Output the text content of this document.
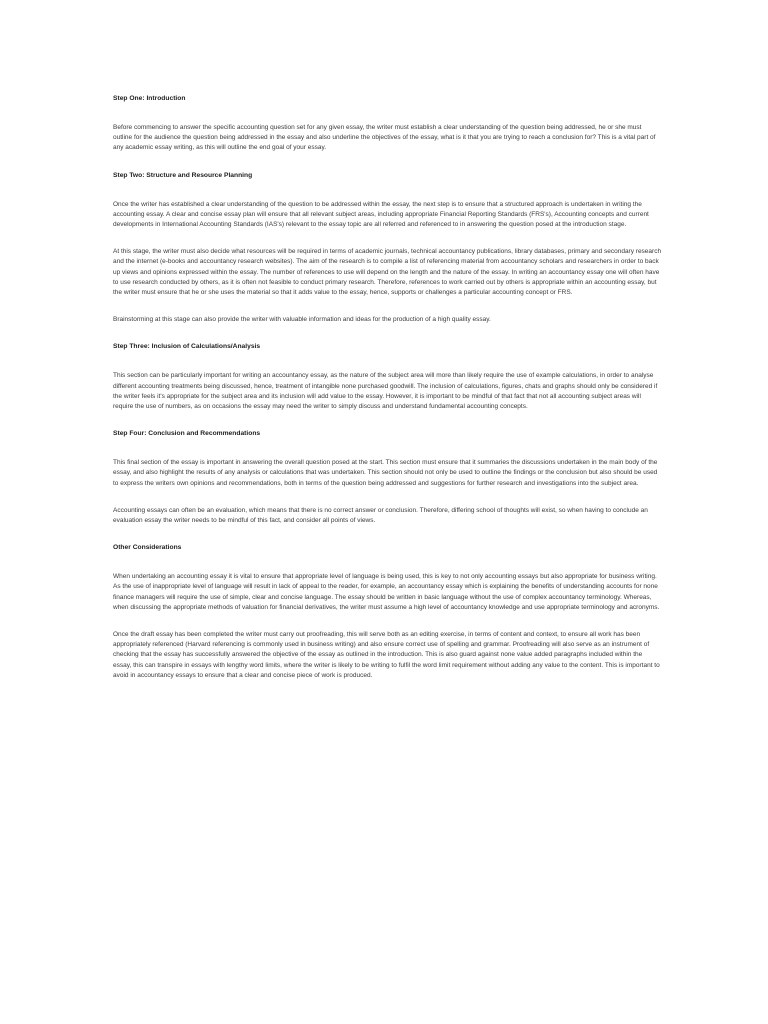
Step One: Introduction

Before commencing to answer the specific accounting question set for any given essay, the writer must establish a clear understanding of the question being addressed, he or she must outline for the audience the question being addressed in the essay and also underline the objectives of the essay, what is it that you are trying to reach a conclusion for? This is a vital part of any academic essay writing, as this will outline the end goal of your essay.

Step Two: Structure and Resource Planning

Once the writer has established a clear understanding of the question to be addressed within the essay, the next step is to ensure that a structured approach is undertaken in writing the accounting essay. A clear and concise essay plan will ensure that all relevant subject areas, including appropriate Financial Reporting Standards (FRS's), Accounting concepts and current developments in International Accounting Standards (IAS's) relevant to the essay topic are all referred and referenced to in answering the question posed at the introduction stage.

At this stage, the writer must also decide what resources will be required in terms of academic journals, technical accountancy publications, library databases, primary and secondary research and the internet (e-books and accountancy research websites). The aim of the research is to compile a list of referencing material from accountancy scholars and researchers in order to back up views and opinions expressed within the essay. The number of references to use will depend on the length and the nature of the essay. In writing an accountancy essay one will often have to use research conducted by others, as it is often not feasible to conduct primary research. Therefore, references to work carried out by others is appropriate within an accounting essay, but the writer must ensure that he or she uses the material so that it adds value to the essay, hence, supports or challenges a particular accounting concept or FRS.

Brainstorming at this stage can also provide the writer with valuable information and ideas for the production of a high quality essay.

Step Three: Inclusion of Calculations/Analysis

This section can be particularly important for writing an accountancy essay, as the nature of the subject area will more than likely require the use of example calculations, in order to analyse different accounting treatments being discussed, hence, treatment of intangible none purchased goodwill. The inclusion of calculations, figures, chats and graphs should only be considered if the writer feels it's appropriate for the subject area and its inclusion will add value to the essay. However, it is important to be mindful of that fact that not all accounting subject areas will require the use of numbers, as on occasions the essay may need the writer to simply discuss and understand fundamental accounting concepts.

Step Four: Conclusion and Recommendations

This final section of the essay is important in answering the overall question posed at the start. This section must ensure that it summaries the discussions undertaken in the main body of the essay, and also highlight the results of any analysis or calculations that was undertaken. This section should not only be used to outline the findings or the conclusion but also should be used to express the writers own opinions and recommendations, both in terms of the question being addressed and suggestions for further research and investigations into the subject area.

Accounting essays can often be an evaluation, which means that there is no correct answer or conclusion. Therefore, differing school of thoughts will exist, so when having to conclude an evaluation essay the writer needs to be mindful of this fact, and consider all points of views.

Other Considerations

When undertaking an accounting essay it is vital to ensure that appropriate level of language is being used, this is key to not only accounting essays but also appropriate for business writing. As the use of inappropriate level of language will result in lack of appeal to the reader, for example, an accountancy essay which is explaining the benefits of understanding accounts for none finance managers will require the use of simple, clear and concise language. The essay should be written in basic language without the use of complex accountancy terminology. Whereas, when discussing the appropriate methods of valuation for financial derivatives, the writer must assume a high level of accountancy knowledge and use appropriate terminology and acronyms.

Once the draft essay has been completed the writer must carry out proofreading, this will serve both as an editing exercise, in terms of content and context, to ensure all work has been appropriately referenced (Harvard referencing is commonly used in business writing) and also ensure correct use of spelling and grammar. Proofreading will also serve as an instrument of checking that the essay has successfully answered the objective of the essay as outlined in the introduction. This is also guard against none value added paragraphs included within the essay, this can transpire in essays with lengthy word limits, where the writer is likely to be writing to fulfil the word limit requirement without adding any value to the content. This is important to avoid in accountancy essays to ensure that a clear and concise piece of work is produced.
